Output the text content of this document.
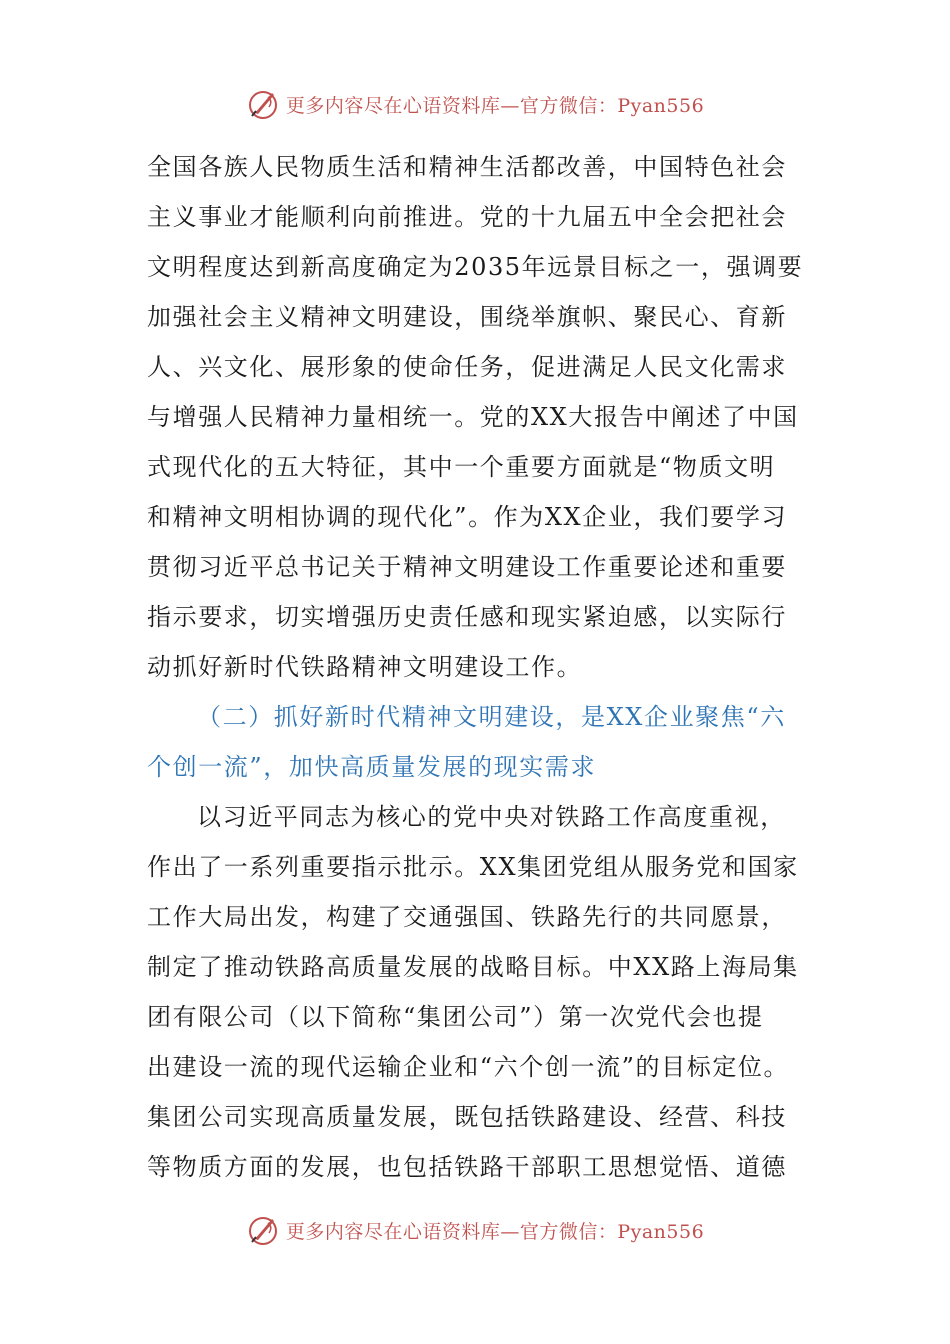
更多内容尽在心语资料库—官方微信：Pyan556
全国各族人民物质生活和精神生活都改善，中国特色社会
主义事业才能顺利向前推进。党的十九届五中全会把社会
文明程度达到新高度确定为2035年远景目标之一，强调要
加强社会主义精神文明建设，围绕举旗帜、聚民心、育新
人、兴文化、展形象的使命任务，促进满足人民文化需求
与增强人民精神力量相统一。党的XX大报告中阐述了中国
式现代化的五大特征，其中一个重要方面就是“物质文明
和精神文明相协调的现代化”。作为XX企业，我们要学习
贯彻习近平总书记关于精神文明建设工作重要论述和重要
指示要求，切实增强历史责任感和现实紧迫感，以实际行
动抓好新时代铁路精神文明建设工作。
（二）抓好新时代精神文明建设，是XX企业聚焦“六
个创一流”，加快高质量发展的现实需求
以习近平同志为核心的党中央对铁路工作高度重视，
作出了一系列重要指示批示。XX集团党组从服务党和国家
工作大局出发，构建了交通强国、铁路先行的共同愿景，
制定了推动铁路高质量发展的战略目标。中XX路上海局集
团有限公司（以下简称“集团公司”）第一次党代会也提
出建设一流的现代运输企业和“六个创一流”的目标定位。
集团公司实现高质量发展，既包括铁路建设、经营、科技
等物质方面的发展，也包括铁路干部职工思想觉悟、道德
更多内容尽在心语资料库—官方微信：Pyan556
